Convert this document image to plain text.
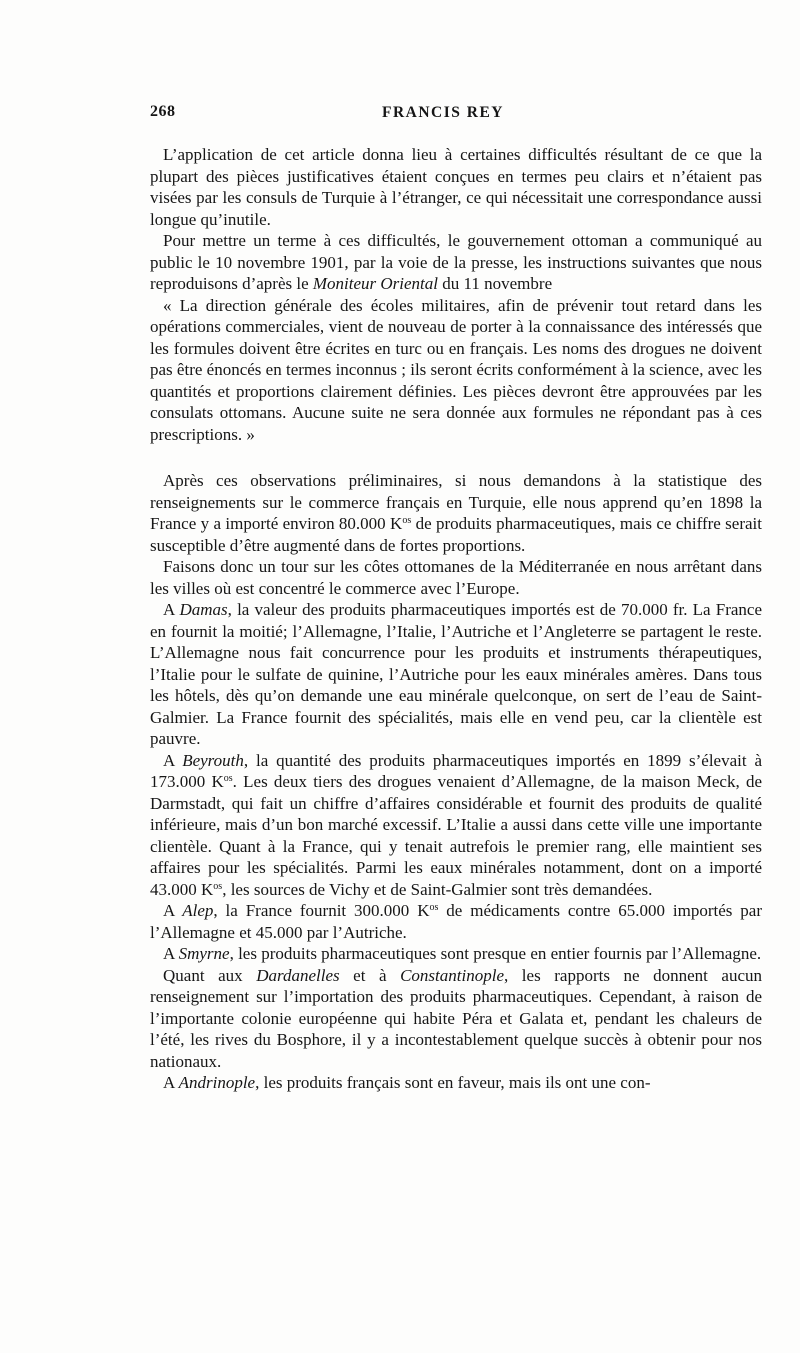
268	FRANCIS REY

L’application de cet article donna lieu à certaines difficultés résultant de ce que la plupart des pièces justificatives étaient conçues en termes peu clairs et n’étaient pas visées par les consuls de Turquie à l’étranger, ce qui nécessitait une correspondance aussi longue qu’inutile.

Pour mettre un terme à ces difficultés, le gouvernement ottoman a communiqué au public le 10 novembre 1901, par la voie de la presse, les instructions suivantes que nous reproduisons d’après le Moniteur Oriental du 11 novembre

« La direction générale des écoles militaires, afin de prévenir tout retard dans les opérations commerciales, vient de nouveau de porter à la connaissance des intéressés que les formules doivent être écrites en turc ou en français. Les noms des drogues ne doivent pas être énoncés en termes inconnus ; ils seront écrits conformément à la science, avec les quantités et proportions clairement définies. Les pièces devront être approuvées par les consulats ottomans. Aucune suite ne sera donnée aux formules ne répondant pas à ces prescriptions. »

Après ces observations préliminaires, si nous demandons à la statistique des renseignements sur le commerce français en Turquie, elle nous apprend qu’en 1898 la France y a importé environ 80.000 $K^{os}$ de produits pharmaceutiques, mais ce chiffre serait susceptible d’être augmenté dans de fortes proportions.

Faisons donc un tour sur les côtes ottomanes de la Méditerranée en nous arrêtant dans les villes où est concentré le commerce avec l’Europe.

A Damas, la valeur des produits pharmaceutiques importés est de 70.000 fr. La France en fournit la moitié; l’Allemagne, l’Italie, l’Autriche et l’Angleterre se partagent le reste. L’Allemagne nous fait concurrence pour les produits et instruments thérapeutiques, l’Italie pour le sulfate de quinine, l’Autriche pour les eaux minérales amères. Dans tous les hôtels, dès qu’on demande une eau minérale quelconque, on sert de l’eau de Saint-Galmier. La France fournit des spécialités, mais elle en vend peu, car la clientèle est pauvre.

A Beyrouth, la quantité des produits pharmaceutiques importés en 1899 s’élevait à 173.000 $K^{os}$. Les deux tiers des drogues venaient d’Allemagne, de la maison Meck, de Darmstadt, qui fait un chiffre d’affaires considérable et fournit des produits de qualité inférieure, mais d’un bon marché excessif. L’Italie a aussi dans cette ville une importante clientèle. Quant à la France, qui y tenait autrefois le premier rang, elle maintient ses affaires pour les spécialités. Parmi les eaux minérales notamment, dont on a importé 43.000 $K^{os}$, les sources de Vichy et de Saint-Galmier sont très demandées.

A Alep, la France fournit 300.000 $K^{os}$ de médicaments contre 65.000 importés par l’Allemagne et 45.000 par l’Autriche.

A Smyrne, les produits pharmaceutiques sont presque en entier fournis par l’Allemagne.

Quant aux Dardanelles et à Constantinople, les rapports ne donnent aucun renseignement sur l’importation des produits pharmaceutiques. Cependant, à raison de l’importante colonie européenne qui habite Péra et Galata et, pendant les chaleurs de l’été, les rives du Bosphore, il y a incontestablement quelque succès à obtenir pour nos nationaux.

A Andrinople, les produits français sont en faveur, mais ils ont une con-
